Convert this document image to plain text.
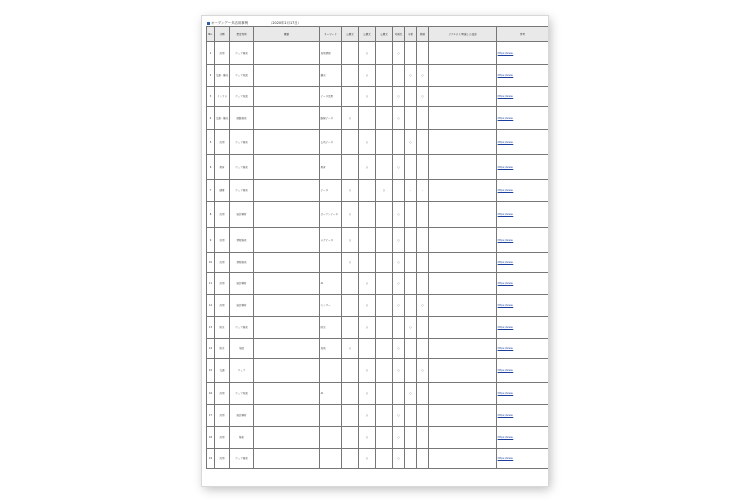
オープンデータ活用事例	（2020年2月17日）
No.	分類	想定利用	概要	キーワード	公開元	公開元	公開元	可視化	分析	開発	リクエスト/実施した技術	参考
1	汎用	ウェブ検索		地域情報		○		○				https://www.
2	交通・観光	ウェブ地図		観光		○			○	○		https://www.
3	インフラ	ウェブ地図		データ活用		○		○		○		https://www.
4	交通・観光	経路検索		路線データ	○			○				https://www.
5	汎用	ウェブ検索		公共データ		○			○			https://www.
6	教育	ウェブ検索		教育		○		○				https://www.
7	健康	ウェブ検索		データ	○		○		-	-		https://www.
8	汎用	統計解析		オープンデータ	○			○				https://www.
9	汎用	情報検索		ログデータ	○			○				https://www.
10	汎用	情報検索			○			○				https://www.
11	汎用	統計解析		AI		○		○				https://www.
12	汎用	統計解析		センサー		○		○		○		https://www.
13	防災	ウェブ検索		防災		○			○			https://www.
14	防災	地図		地域	○			○				https://www.
15	交通	ウェブ				○		○		○		https://www.
16	汎用	ウェブ地図		AI		○			○			https://www.
17	汎用	統計解析				○		○				https://www.
18	汎用	検索				○		○				https://www.
19	汎用	ウェブ検索				○		○				https://www.
